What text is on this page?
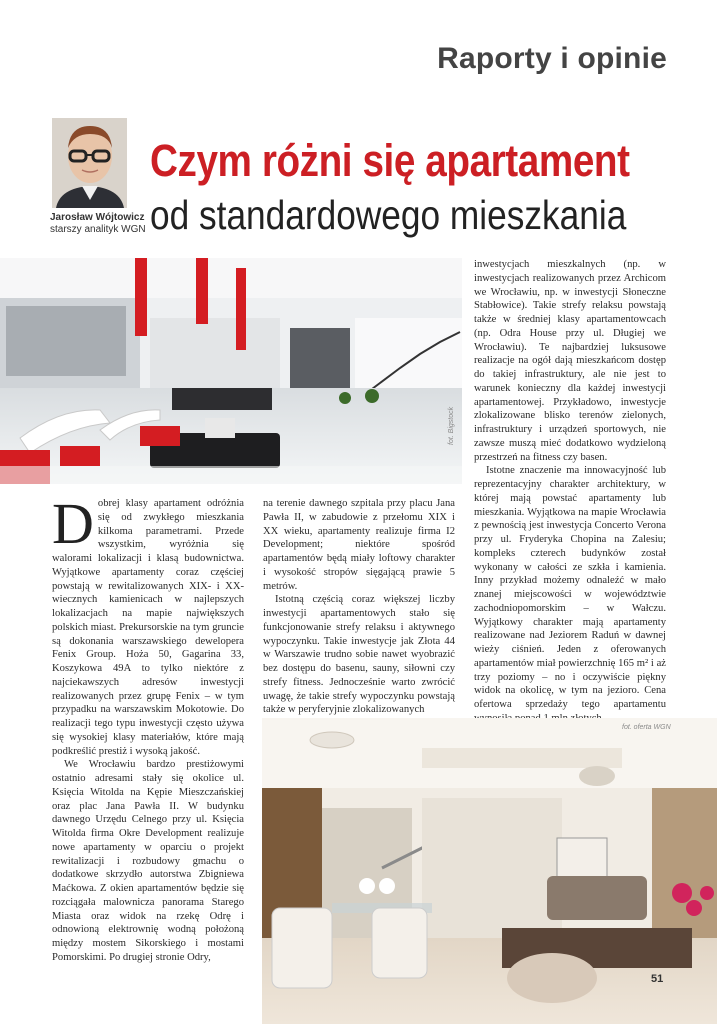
Raporty i opinie
Jarosław Wójtowicz
starszy analityk WGN
Czym różni się apartament
od standardowego mieszkania
fot. Bigstock

Dobrej klasy apartament odróżnia się od zwykłego mieszkania kilkoma parametrami. Przede wszystkim, wyróżnia się walorami lokalizacji i klasą budownictwa. Wyjątkowe apartamenty coraz częściej powstają w rewitalizowanych XIX- i XX-wiecznych kamienicach w najlepszych lokalizacjach na mapie największych polskich miast. Prekursorskie na tym gruncie są dokonania warszawskiego dewelopera Fenix Group. Hoża 50, Gagarina 33, Koszykowa 49A to tylko niektóre z najciekawszych adresów inwestycji realizowanych przez grupę Fenix – w tym przypadku na warszawskim Mokotowie. Do realizacji tego typu inwestycji często używa się wysokiej klasy materiałów, które mają podkreślić prestiż i wysoką jakość.

We Wrocławiu bardzo prestiżowymi ostatnio adresami stały się okolice ul. Księcia Witolda na Kępie Mieszczańskiej oraz plac Jana Pawła II. W budynku dawnego Urzędu Celnego przy ul. Księcia Witolda firma Okre Development realizuje nowe apartamenty w oparciu o projekt rewitalizacji i rozbudowy gmachu o dodatkowe skrzydło autorstwa Zbigniewa Maćkowa. Z okien apartamentów będzie się rozciągała malownicza panorama Starego Miasta oraz widok na rzekę Odrę i odnowioną elektrownię wodną położoną między mostem Sikorskiego i mostami Pomorskimi. Po drugiej stronie Odry,

na terenie dawnego szpitala przy placu Jana Pawła II, w zabudowie z przełomu XIX i XX wieku, apartamenty realizuje firma I2 Development; niektóre spośród apartamentów będą miały loftowy charakter i wysokość stropów sięgającą prawie 5 metrów.

Istotną częścią coraz większej liczby inwestycji apartamentowych stało się funkcjonowanie strefy relaksu i aktywnego wypoczynku. Takie inwestycje jak Złota 44 w Warszawie trudno sobie nawet wyobrazić bez dostępu do basenu, sauny, siłowni czy strefy fitness. Jednocześnie warto zwrócić uwagę, że takie strefy wypoczynku powstają także w peryferyjnie zlokalizowanych

inwestycjach mieszkalnych (np. w inwestycjach realizowanych przez Archicom we Wrocławiu, np. w inwestycji Słoneczne Stabłowice). Takie strefy relaksu powstają także w średniej klasy apartamentowcach (np. Odra House przy ul. Długiej we Wrocławiu). Te najbardziej luksusowe realizacje na ogół dają mieszkańcom dostęp do takiej infrastruktury, ale nie jest to warunek konieczny dla każdej inwestycji apartamentowej. Przykładowo, inwestycje zlokalizowane blisko terenów zielonych, infrastruktury i urządzeń sportowych, nie zawsze muszą mieć dodatkowo wydzieloną przestrzeń na fitness czy basen.

Istotne znaczenie ma innowacyjność lub reprezentacyjny charakter architektury, w której mają powstać apartamenty lub mieszkania. Wyjątkowa na mapie Wrocławia z pewnością jest inwestycja Concerto Verona przy ul. Fryderyka Chopina na Zalesiu; kompleks czterech budynków został wykonany w całości ze szkła i kamienia. Inny przykład możemy odnaleźć w mało znanej miejscowości w województwie zachodniopomorskim – w Wałczu. Wyjątkowy charakter mają apartamenty realizowane nad Jeziorem Raduń w dawnej wieży ciśnień. Jeden z oferowanych apartamentów miał powierzchnię 165 m² i aż trzy poziomy – no i oczywiście piękny widok na okolicę, w tym na jezioro. Cena ofertowa sprzedaży tego apartamentu

fot. oferta WGN
51
